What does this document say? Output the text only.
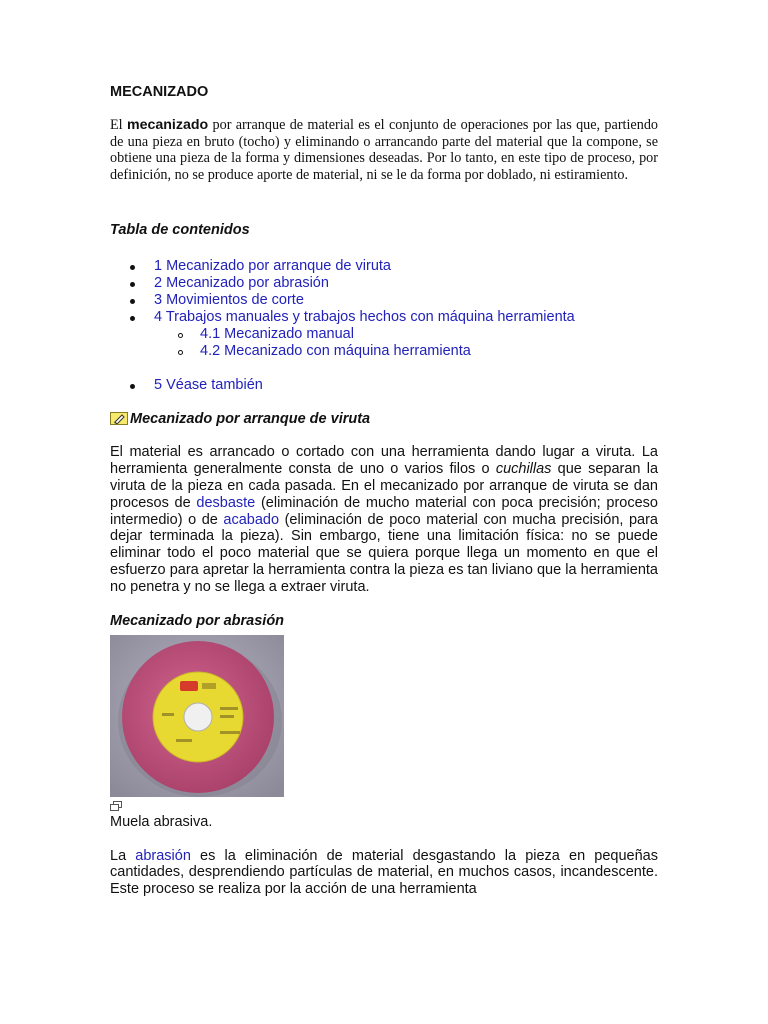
MECANIZADO

El mecanizado por arranque de material es el conjunto de operaciones por las que, partiendo de una pieza en bruto (tocho) y eliminando o arrancando parte del material que la compone, se obtiene una pieza de la forma y dimensiones deseadas. Por lo tanto, en este tipo de proceso, por definición, no se produce aporte de material, ni se le da forma por doblado, ni estiramiento.

Tabla de contenidos
1 Mecanizado por arranque de viruta
2 Mecanizado por abrasión
3 Movimientos de corte
4 Trabajos manuales y trabajos hechos con máquina herramienta
4.1 Mecanizado manual
4.2 Mecanizado con máquina herramienta
5 Véase también
Mecanizado por arranque de viruta

El material es arrancado o cortado con una herramienta dando lugar a viruta. La herramienta generalmente consta de uno o varios filos o cuchillas que separan la viruta de la pieza en cada pasada. En el mecanizado por arranque de viruta se dan procesos de desbaste (eliminación de mucho material con poca precisión; proceso intermedio) o de acabado (eliminación de poco material con mucha precisión, para dejar terminada la pieza). Sin embargo, tiene una limitación física: no se puede eliminar todo el poco material que se quiera porque llega un momento en que el esfuerzo para apretar la herramienta contra la pieza es tan liviano que la herramienta no penetra y no se llega a extraer viruta.

Mecanizado por abrasión

Muela abrasiva.

La abrasión es la eliminación de material desgastando la pieza en pequeñas cantidades, desprendiendo partículas de material, en muchos casos, incandescente. Este proceso se realiza por la acción de una herramienta
